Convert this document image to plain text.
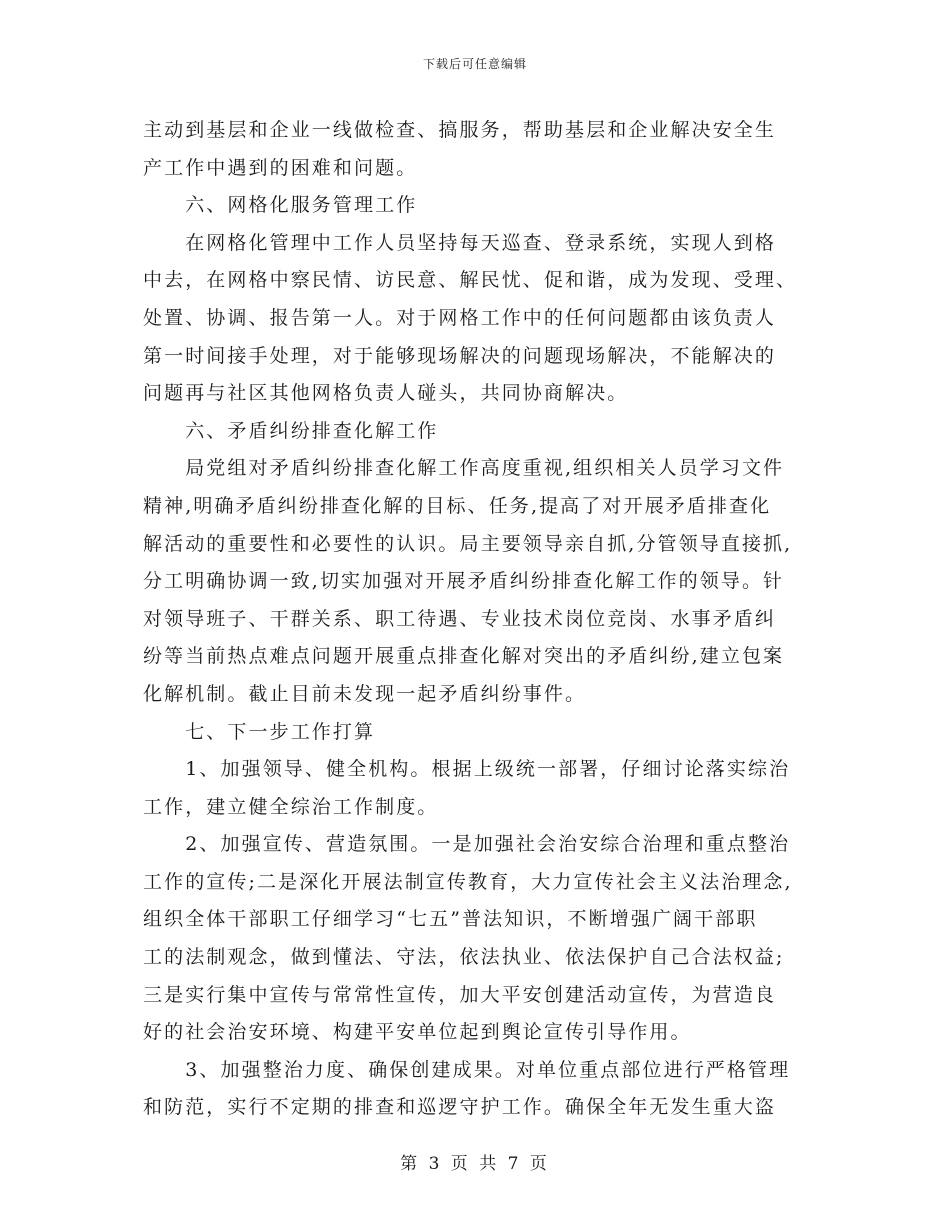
下载后可任意编辑
主动到基层和企业一线做检查、搞服务，帮助基层和企业解决安全生
产工作中遇到的困难和问题。
　　六、网格化服务管理工作
　　在网格化管理中工作人员坚持每天巡查、登录系统，实现人到格
中去，在网格中察民情、访民意、解民忧、促和谐，成为发现、受理、
处置、协调、报告第一人。对于网格工作中的任何问题都由该负责人
第一时间接手处理，对于能够现场解决的问题现场解决，不能解决的
问题再与社区其他网格负责人碰头，共同协商解决。
　　六、矛盾纠纷排查化解工作
　　局党组对矛盾纠纷排查化解工作高度重视,组织相关人员学习文件
精神,明确矛盾纠纷排查化解的目标、任务,提高了对开展矛盾排查化
解活动的重要性和必要性的认识。局主要领导亲自抓,分管领导直接抓,
分工明确协调一致,切实加强对开展矛盾纠纷排查化解工作的领导。针
对领导班子、干群关系、职工待遇、专业技术岗位竞岗、水事矛盾纠
纷等当前热点难点问题开展重点排查化解对突出的矛盾纠纷,建立包案
化解机制。截止目前未发现一起矛盾纠纷事件。
　　七、下一步工作打算
　　1、加强领导、健全机构。根据上级统一部署，仔细讨论落实综治
工作，建立健全综治工作制度。
　　2、加强宣传、营造氛围。一是加强社会治安综合治理和重点整治
工作的宣传;二是深化开展法制宣传教育，大力宣传社会主义法治理念,
组织全体干部职工仔细学习“七五”普法知识，不断增强广阔干部职
工的法制观念，做到懂法、守法，依法执业、依法保护自己合法权益;
三是实行集中宣传与常常性宣传，加大平安创建活动宣传，为营造良
好的社会治安环境、构建平安单位起到舆论宣传引导作用。
　　3、加强整治力度、确保创建成果。对单位重点部位进行严格管理
和防范，实行不定期的排查和巡逻守护工作。确保全年无发生重大盗
第 3 页 共 7 页
